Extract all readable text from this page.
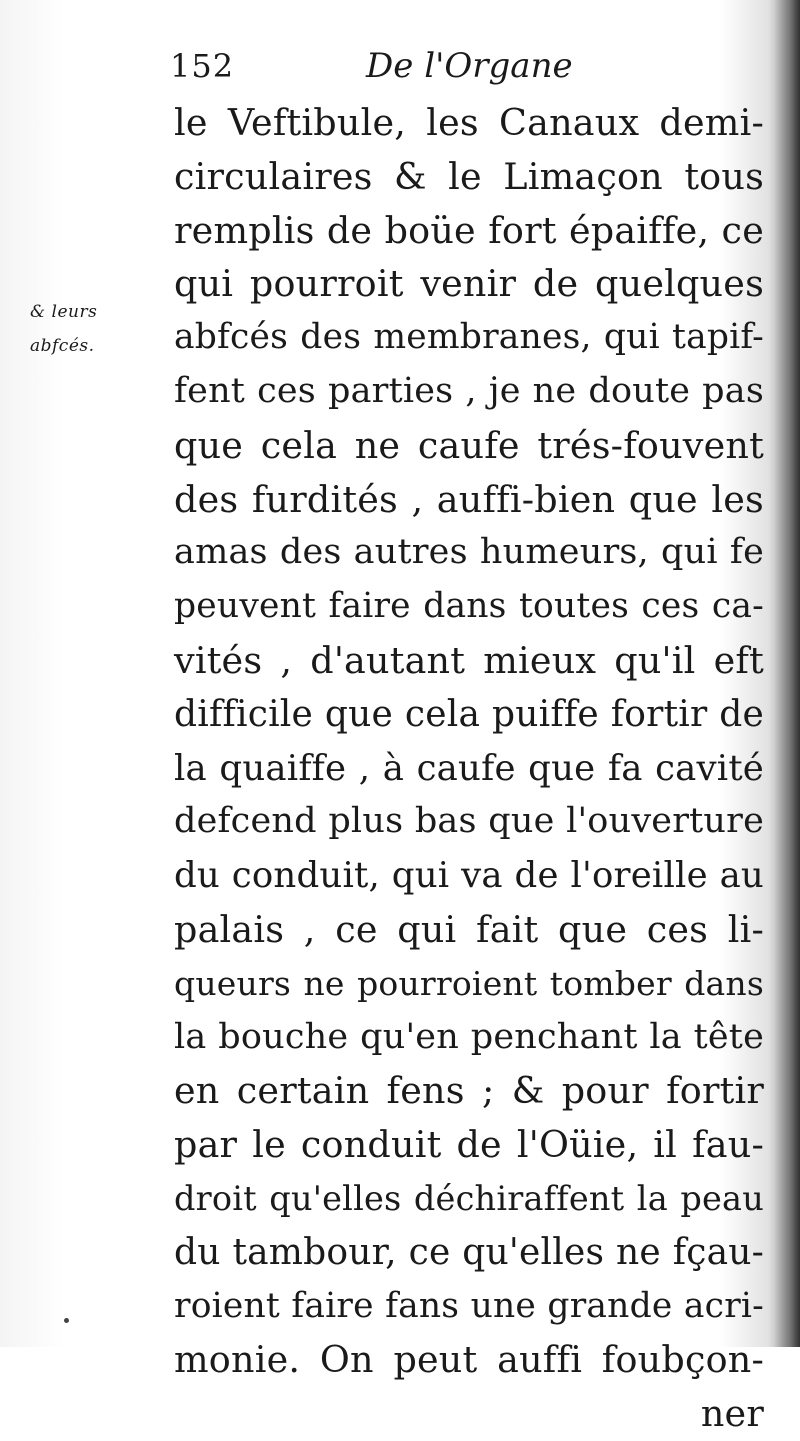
152	De l'Organe
& leurs
abfcés.
le Veftibule, les Canaux demi-
circulaires & le Limaçon tous
remplis de boüe fort épaiffe, ce
qui pourroit venir de quelques
abfcés des membranes, qui tapif-
fent ces parties , je ne doute pas
que cela ne caufe trés-fouvent
des furdités , auffi-bien que les
amas des autres humeurs, qui fe
peuvent faire dans toutes ces ca-
vités , d'autant mieux qu'il eft
difficile que cela puiffe fortir de
la quaiffe , à caufe que fa cavité
defcend plus bas que l'ouverture
du conduit, qui va de l'oreille au
palais , ce qui fait que ces li-
queurs ne pourroient tomber dans
la bouche qu'en penchant la tête
en certain fens ; & pour fortir
par le conduit de l'Oüie, il fau-
droit qu'elles déchiraffent la peau
du tambour, ce qu'elles ne fçau-
roient faire fans une grande acri-
monie. On peut auffi foubçon-
ner
